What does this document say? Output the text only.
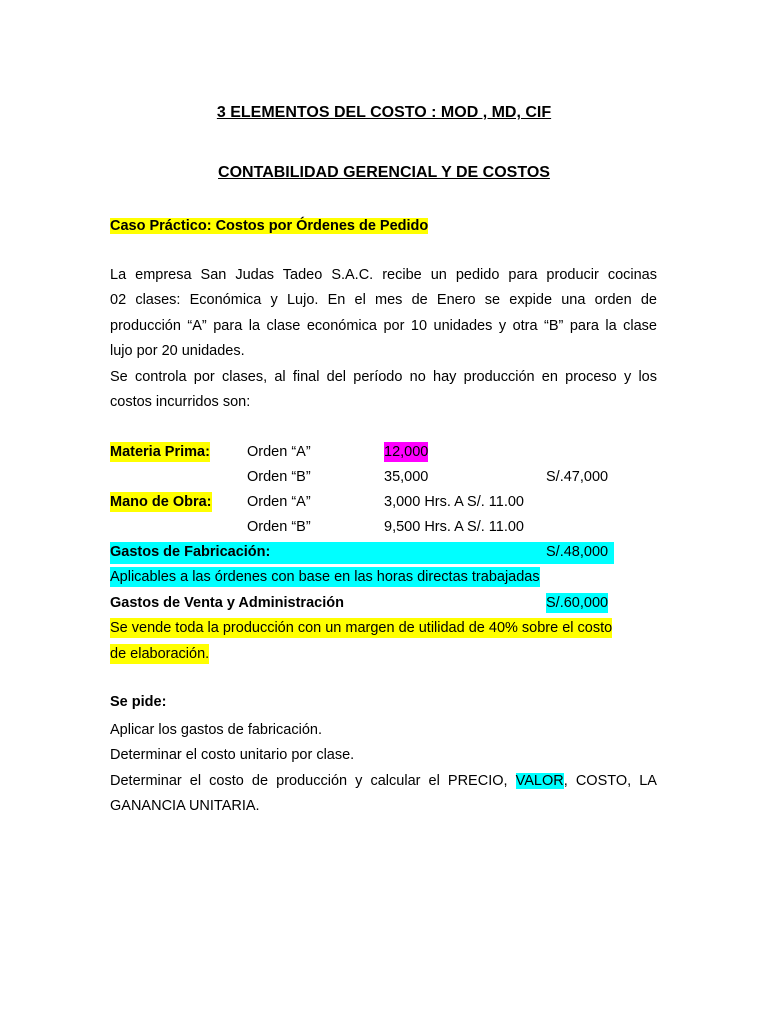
3 ELEMENTOS DEL COSTO : MOD , MD, CIF
CONTABILIDAD GERENCIAL Y DE COSTOS

Caso Práctico: Costos por Órdenes de Pedido

La empresa San Judas Tadeo S.A.C. recibe un pedido para producir cocinas
02 clases: Económica y Lujo. En el mes de Enero se expide una orden de
producción “A” para la clase económica por 10 unidades y otra “B” para la clase
lujo por 20 unidades.
Se controla por clases, al final del período no hay producción en proceso y los
costos incurridos son:

Materia Prima:	Orden “A”	12,000
Orden “B”	35,000	S/.47,000
Mano de Obra: Orden “A”	3,000 Hrs. A S/. 11.00
Orden “B”	9,500 Hrs. A S/. 11.00
Gastos de Fabricación:	S/.48,000
Aplicables a las órdenes con base en las horas directas trabajadas
Gastos de Venta y Administración	S/.60,000
Se vende toda la producción con un margen de utilidad de 40% sobre el costo
de elaboración.

Se pide:

Aplicar los gastos de fabricación.
Determinar el costo unitario por clase.
Determinar el costo de producción y calcular el PRECIO, VALOR, COSTO, LA
GANANCIA UNITARIA.
